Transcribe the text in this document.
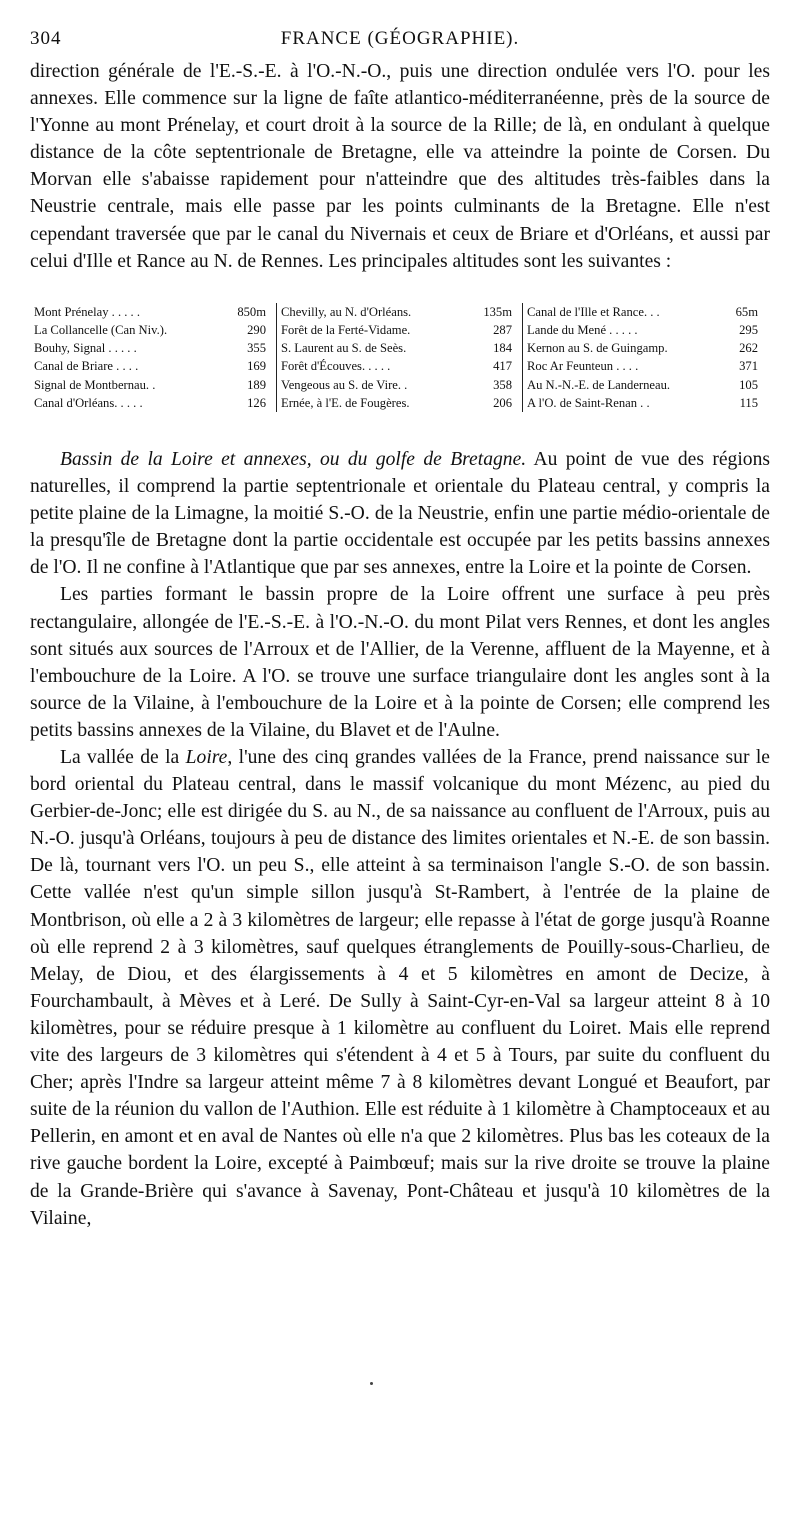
304	FRANCE (GÉOGRAPHIE).

direction générale de l'E.-S.-E. à l'O.-N.-O., puis une direction ondulée vers l'O. pour les annexes. Elle commence sur la ligne de faîte atlantico-méditerranéenne, près de la source de l'Yonne au mont Prénelay, et court droit à la source de la Rille; de là, en ondulant à quelque distance de la côte septentrionale de Bretagne, elle va atteindre la pointe de Corsen. Du Morvan elle s'abaisse rapidement pour n'atteindre que des altitudes très-faibles dans la Neustrie centrale, mais elle passe par les points culminants de la Bretagne. Elle n'est cependant traversée que par le canal du Nivernais et ceux de Briare et d'Orléans, et aussi par celui d'Ille et Rance au N. de Rennes. Les principales altitudes sont les suivantes :

Mont Prénelay . . . . .	850m
La Collancelle (Can Niv.).	290
Bouhy, Signal . . . . .	355
Canal de Briare . . . .	169
Signal de Montbernau. .	189
Canal d'Orléans. . . . .	126
Chevilly, au N. d'Orléans.	135m
Forêt de la Ferté-Vidame.	287
S. Laurent au S. de Seès.	184
Forêt d'Écouves. . . . .	417
Vengeous au S. de Vire. .	358
Ernée, à l'E. de Fougères.	206
Canal de l'Ille et Rance. . .	65m
Lande du Mené . . . . .	295
Kernon au S. de Guingamp.	262
Roc Ar Feunteun . . . .	371
Au N.-N.-E. de Landerneau.	105
A l'O. de Saint-Renan . .	115

Bassin de la Loire et annexes, ou du golfe de Bretagne. Au point de vue des régions naturelles, il comprend la partie septentrionale et orientale du Plateau central, y compris la petite plaine de la Limagne, la moitié S.-O. de la Neustrie, enfin une partie médio-orientale de la presqu'île de Bretagne dont la partie occidentale est occupée par les petits bassins annexes de l'O. Il ne confine à l'Atlantique que par ses annexes, entre la Loire et la pointe de Corsen.

Les parties formant le bassin propre de la Loire offrent une surface à peu près rectangulaire, allongée de l'E.-S.-E. à l'O.-N.-O. du mont Pilat vers Rennes, et dont les angles sont situés aux sources de l'Arroux et de l'Allier, de la Verenne, affluent de la Mayenne, et à l'embouchure de la Loire. A l'O. se trouve une surface triangulaire dont les angles sont à la source de la Vilaine, à l'embouchure de la Loire et à la pointe de Corsen; elle comprend les petits bassins annexes de la Vilaine, du Blavet et de l'Aulne.

La vallée de la Loire, l'une des cinq grandes vallées de la France, prend naissance sur le bord oriental du Plateau central, dans le massif volcanique du mont Mézenc, au pied du Gerbier-de-Jonc; elle est dirigée du S. au N., de sa naissance au confluent de l'Arroux, puis au N.-O. jusqu'à Orléans, toujours à peu de distance des limites orientales et N.-E. de son bassin. De là, tournant vers l'O. un peu S., elle atteint à sa terminaison l'angle S.-O. de son bassin. Cette vallée n'est qu'un simple sillon jusqu'à St-Rambert, à l'entrée de la plaine de Montbrison, où elle a 2 à 3 kilomètres de largeur; elle repasse à l'état de gorge jusqu'à Roanne où elle reprend 2 à 3 kilomètres, sauf quelques étranglements de Pouilly-sous-Charlieu, de Melay, de Diou, et des élargissements à 4 et 5 kilomètres en amont de Decize, à Fourchambault, à Mèves et à Leré. De Sully à Saint-Cyr-en-Val sa largeur atteint 8 à 10 kilomètres, pour se réduire presque à 1 kilomètre au confluent du Loiret. Mais elle reprend vite des largeurs de 3 kilomètres qui s'étendent à 4 et 5 à Tours, par suite du confluent du Cher; après l'Indre sa largeur atteint même 7 à 8 kilomètres devant Longué et Beaufort, par suite de la réunion du vallon de l'Authion. Elle est réduite à 1 kilomètre à Champtoceaux et au Pellerin, en amont et en aval de Nantes où elle n'a que 2 kilomètres. Plus bas les coteaux de la rive gauche bordent la Loire, excepté à Paimbœuf; mais sur la rive droite se trouve la plaine de la Grande-Brière qui s'avance à Savenay, Pont-Château et jusqu'à 10 kilomètres de la Vilaine,
